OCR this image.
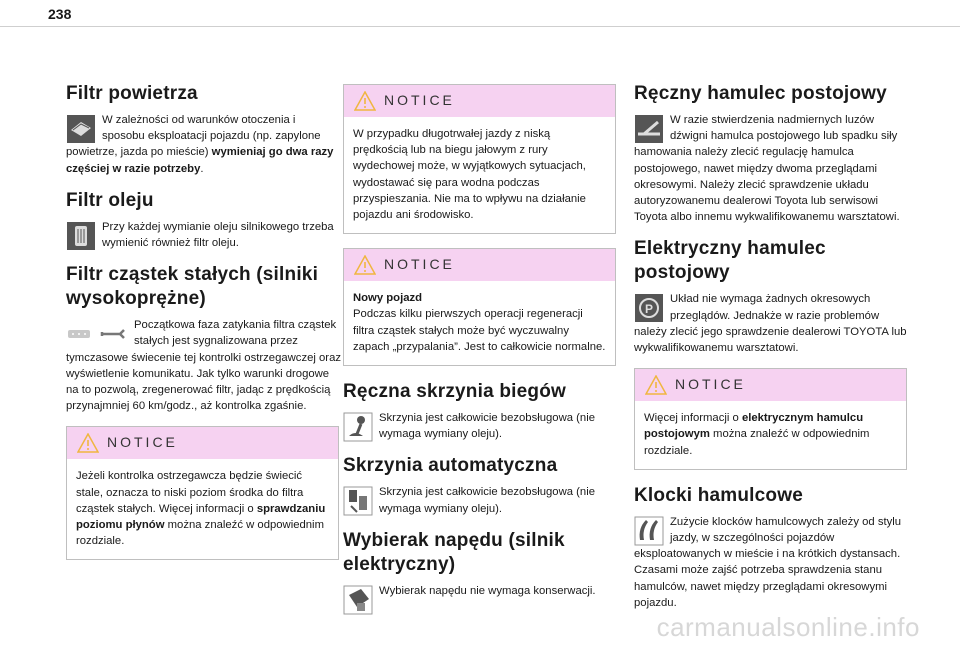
238
Filtr powietrza

W zależności od warunków otoczenia i sposobu eksploatacji pojazdu (np. zapylone powietrze, jazda po mieście) wymieniaj go dwa razy częściej w razie potrzeby.

Filtr oleju

Przy każdej wymianie oleju silnikowego trzeba wymienić również filtr oleju.

Filtr cząstek stałych (silniki wysokoprężne)

Początkowa faza zatykania filtra cząstek stałych jest sygnalizowana przez tymczasowe świecenie tej kontrolki ostrzegawczej oraz wyświetlenie komunikatu. Jak tylko warunki drogowe na to pozwolą, zregenerować filtr, jadąc z prędkością przynajmniej 60 km/godz., aż kontrolka zgaśnie.

NOTICE
Jeżeli kontrolka ostrzegawcza będzie świecić stale, oznacza to niski poziom środka do filtra cząstek stałych. Więcej informacji o sprawdzaniu poziomu płynów można znaleźć w odpowiednim rozdziale.
NOTICE
W przypadku długotrwałej jazdy z niską prędkością lub na biegu jałowym z rury wydechowej może, w wyjątkowych sytuacjach, wydostawać się para wodna podczas przyspieszania. Nie ma to wpływu na działanie pojazdu ani środowisko.
NOTICE
Nowy pojazd
Podczas kilku pierwszych operacji regeneracji filtra cząstek stałych może być wyczuwalny zapach „przypalania”. Jest to całkowicie normalne.
Ręczna skrzynia biegów

Skrzynia jest całkowicie bezobsługowa (nie wymaga wymiany oleju).

Skrzynia automatyczna

Skrzynia jest całkowicie bezobsługowa (nie wymaga wymiany oleju).

Wybierak napędu (silnik elektryczny)

Wybierak napędu nie wymaga konserwacji.

Ręczny hamulec postojowy

W razie stwierdzenia nadmiernych luzów dźwigni hamulca postojowego lub spadku siły hamowania należy zlecić regulację hamulca postojowego, nawet między dwoma przeglądami okresowymi. Należy zlecić sprawdzenie układu autoryzowanemu dealerowi Toyota lub serwisowi Toyota albo innemu wykwalifikowanemu warsztatowi.

Elektryczny hamulec postojowy

P
Układ nie wymaga żadnych okresowych przeglądów. Jednakże w razie problemów należy zlecić jego sprawdzenie dealerowi TOYOTA lub wykwalifikowanemu warsztatowi.

NOTICE
Więcej informacji o elektrycznym hamulcu postojowym można znaleźć w odpowiednim rozdziale.
Klocki hamulcowe

Zużycie klocków hamulcowych zależy od stylu jazdy, w szczególności pojazdów eksploatowanych w mieście i na krótkich dystansach. Czasami może zajść potrzeba sprawdzenia stanu hamulców, nawet między przeglądami okresowymi pojazdu.

carmanualsonline.info
